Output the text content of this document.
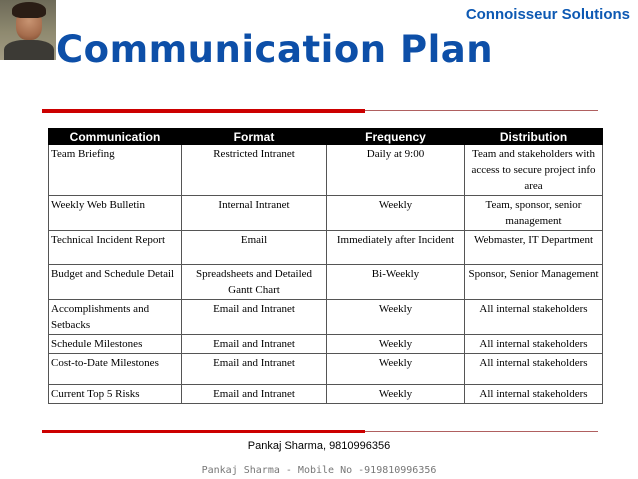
Connoisseur Solutions
Communication Plan
Communication	Format	Frequency	Distribution
Team Briefing	Restricted Intranet	Daily at 9:00	Team and stakeholders with access to secure project info area
Weekly Web Bulletin	Internal Intranet	Weekly	Team, sponsor, senior management
Technical Incident Report	Email	Immediately after Incident	Webmaster, IT Department
Budget and Schedule Detail	Spreadsheets and Detailed Gantt Chart	Bi-Weekly	Sponsor, Senior Management
Accomplishments and Setbacks	Email and Intranet	Weekly	All internal stakeholders
Schedule Milestones	Email and Intranet	Weekly	All internal stakeholders
Cost-to-Date Milestones	Email and Intranet	Weekly	All internal stakeholders
Current Top 5 Risks	Email and Intranet	Weekly	All internal stakeholders
Pankaj Sharma, 9810996356
Pankaj Sharma - Mobile No -919810996356
